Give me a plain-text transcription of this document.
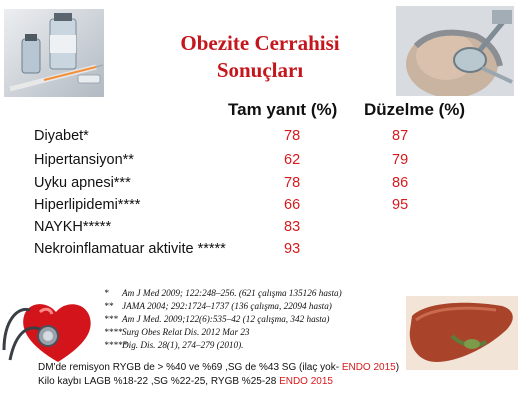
Obezite Cerrahisi
Sonuçları
Tam yanıt (%) Düzelme (%)
Diyabet*	78	87
Hipertansiyon**	62	79
Uyku apnesi***	78	86
Hiperlipidemi****	66	95
NAYKH*****	83
Nekroinflamatuar aktivite *****	93
* Am J Med 2009; 122:248–256. (621 çalışma 135126 hasta)
** JAMA 2004; 292:1724–1737 (136 çalışma, 22094 hasta)
*** Am J Med. 2009;122(6):535–42 (12 çalışma, 342 hasta)
****Surg Obes Relat Dis. 2012 Mar 23
*****Dig. Dis. 28(1), 274–279 (2010).
DM'de remisyon RYGB de > %40 ve %69 ,SG de %43 SG (ilaç yok- ENDO 2015)
Kilo kaybı LAGB %18-22 ,SG %22-25, RYGB %25-28 ENDO 2015
